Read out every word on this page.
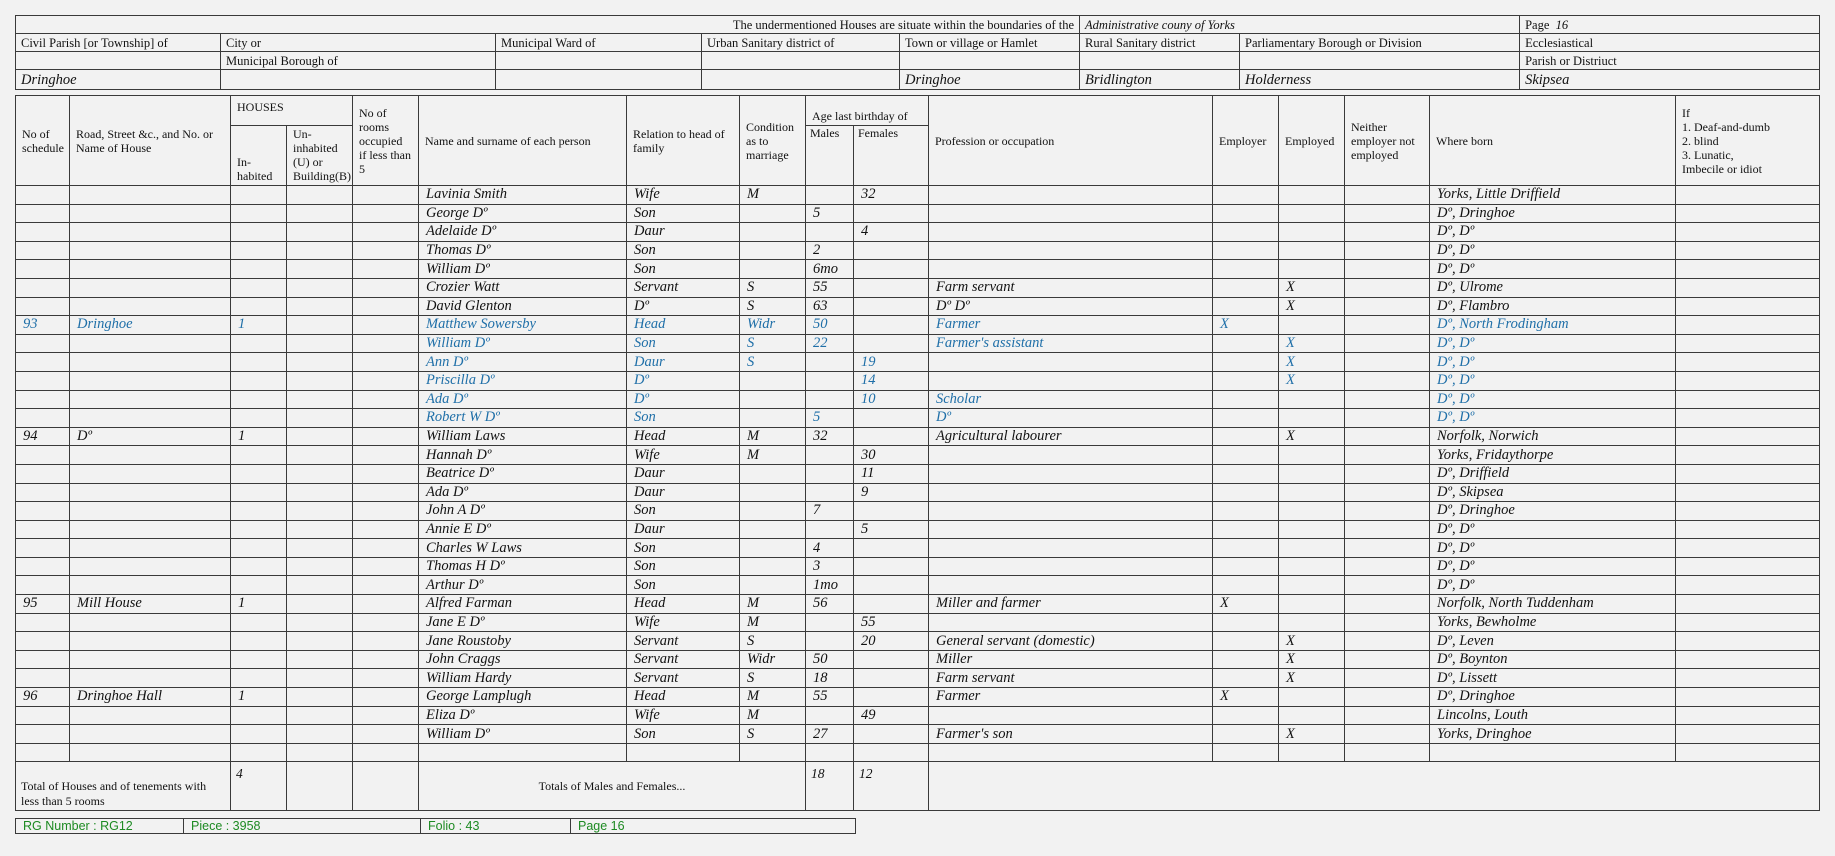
The undermentioned Houses are situate within the boundaries of the					Administrative couny of Yorks		Page 16
Civil Parish [or Township] of	City or	Municipal Ward of	Urban Sanitary district of	Town or village or Hamlet	Rural Sanitary district	Parliamentary Borough or Division	Ecclesiastical
	Municipal Borough of						Parish or Distriuct
Dringhoe				Dringhoe	Bridlington	Holderness	Skipsea
No of schedule	Road, Street &c., and No. or Name of House	HOUSES		No of rooms occupied if less than 5	Name and surname of each person	Relation to head of family	Condition as to marriage	Age last birthday of		Profession or occupation	Employer	Employed	Neither employer not employed	Where born	If
1. Deaf-and-dumb
2. blind
3. Lunatic,
Imbecile or idiot

		In-habited	Un-inhabited (U) or Building(B)					Males	Females						
					Lavinia Smith	Wife	M		32					Yorks, Little Driffield	
					George Dº	Son		5						Dº, Dringhoe	
					Adelaide Dº	Daur			4					Dº, Dº	
					Thomas Dº	Son		2						Dº, Dº	
					William Dº	Son		6mo						Dº, Dº	
					Crozier Watt	Servant	S	55		Farm servant		X		Dº, Ulrome	
					David Glenton	Dº	S	63		Dº Dº		X		Dº, Flambro	
93	Dringhoe	1			Matthew Sowersby	Head	Widr	50		Farmer	X			Dº, North Frodingham	
					William Dº	Son	S	22		Farmer's assistant		X		Dº, Dº	
					Ann Dº	Daur	S		19			X		Dº, Dº	
					Priscilla Dº	Dº			14			X		Dº, Dº	
					Ada Dº	Dº			10	Scholar				Dº, Dº	
					Robert W Dº	Son		5		Dº				Dº, Dº	
94	Dº	1			William Laws	Head	M	32		Agricultural labourer		X		Norfolk, Norwich	
					Hannah Dº	Wife	M		30					Yorks, Fridaythorpe	
					Beatrice Dº	Daur			11					Dº, Driffield	
					Ada Dº	Daur			9					Dº, Skipsea	
					John A Dº	Son		7						Dº, Dringhoe	
					Annie E Dº	Daur			5					Dº, Dº	
					Charles W Laws	Son		4						Dº, Dº	
					Thomas H Dº	Son		3						Dº, Dº	
					Arthur Dº	Son		1mo						Dº, Dº	
95	Mill House	1			Alfred Farman	Head	M	56		Miller and farmer	X			Norfolk, North Tuddenham	
					Jane E Dº	Wife	M		55					Yorks, Bewholme	
					Jane Roustoby	Servant	S		20	General servant (domestic)		X		Dº, Leven	
					John Craggs	Servant	Widr	50		Miller		X		Dº, Boynton	
					William Hardy	Servant	S	18		Farm servant		X		Dº, Lissett	
96	Dringhoe Hall	1			George Lamplugh	Head	M	55		Farmer	X			Dº, Dringhoe	
					Eliza Dº	Wife	M		49					Lincolns, Louth	
					William Dº	Son	S	27		Farmer's son		X		Yorks, Dringhoe	

Total of Houses and of tenements with less than 5 rooms		4			Totals of Males and Females...			18	12						
RG Number : RG12	Piece : 3958	Folio : 43	Page 16
